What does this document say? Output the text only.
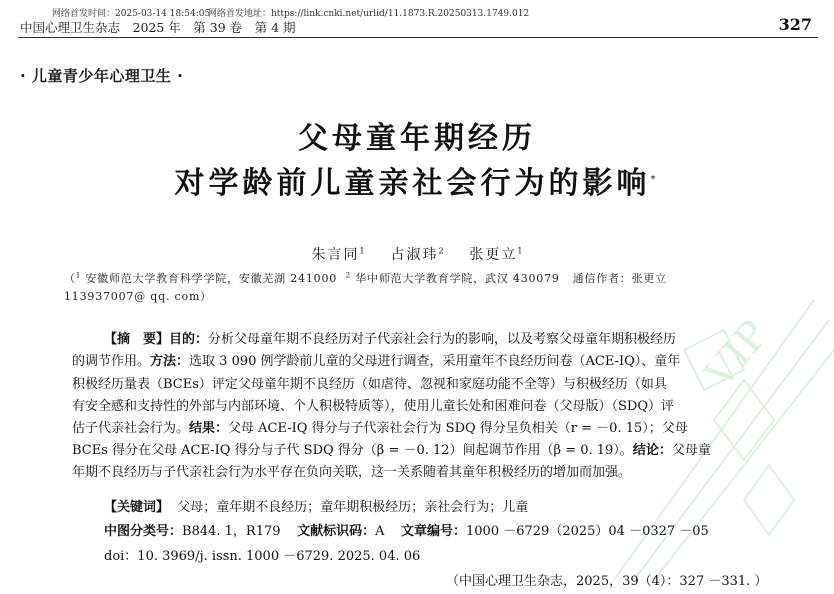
VIP
网络首发时间：2025-03-14 18:54:05
网络首发地址：https://link.cnki.net/urlid/11.1873.R.20250313.1749.012
中国心理卫生杂志　2025 年　第 39 卷　第 4 期	327
· 儿童青少年心理卫生 ·
父母童年期经历
对学龄前儿童亲社会行为的影响*
朱言同$^1$ 占淑玮$^2$ 张更立$^1$
（$^1$ 安徽师范大学教育科学学院，安徽芜湖 241000 $^2$ 华中师范大学教育学院，武汉 430079 通信作者：张更立
113937007@ qq. com）
【摘　要】目的：分析父母童年期不良经历对子代亲社会行为的影响，以及考察父母童年期积极经历
的调节作用。方法：选取 3 090 例学龄前儿童的父母进行调查，采用童年不良经历问卷（ACE-IQ）、童年
积极经历量表（BCEs）评定父母童年期不良经历（如虐待、忽视和家庭功能不全等）与积极经历（如具
有安全感和支持性的外部与内部环境、个人积极特质等），使用儿童长处和困难问卷（父母版）（SDQ）评
估子代亲社会行为。结果：父母 ACE-IQ 得分与子代亲社会行为 SDQ 得分呈负相关（r = －0. 15）；父母
BCEs 得分在父母 ACE-IQ 得分与子代 SDQ 得分（β = －0. 12）间起调节作用（β = 0. 19）。结论：父母童
年期不良经历与子代亲社会行为水平存在负向关联，这一关系随着其童年积极经历的增加而加强。
【关键词】 父母；童年期不良经历；童年期积极经历；亲社会行为；儿童
中图分类号：B844. 1，R179 文献标识码：A 文章编号：1000 －6729（2025）04 －0327 －05
doi：10. 3969/j. issn. 1000 －6729. 2025. 04. 06
（中国心理卫生杂志，2025，39（4）：327 －331. ）
